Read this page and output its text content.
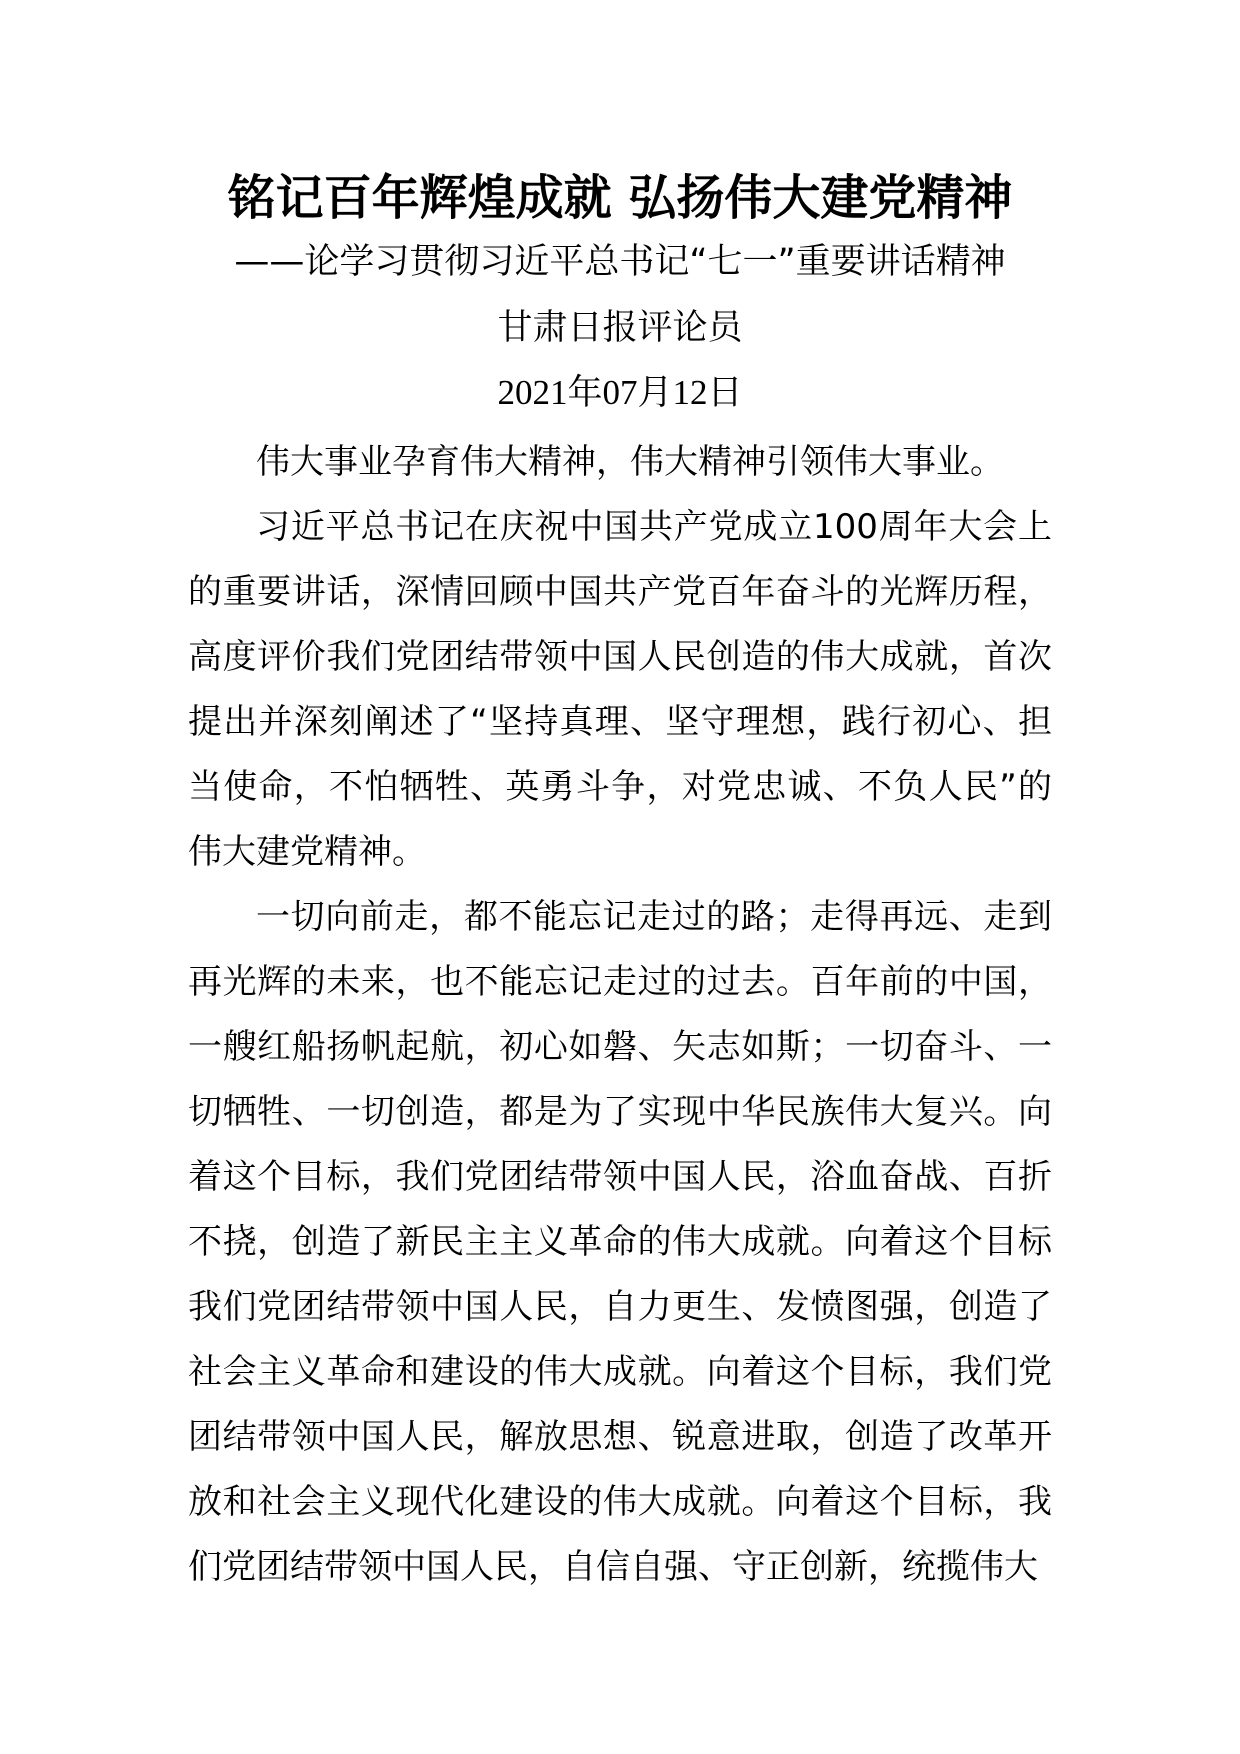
铭记百年辉煌成就 弘扬伟大建党精神
——论学习贯彻习近平总书记“七一”重要讲话精神
甘肃日报评论员
2021年07月12日

伟大事业孕育伟大精神，伟大精神引领伟大事业。

习近平总书记在庆祝中国共产党成立100周年大会上的重要讲话，深情回顾中国共产党百年奋斗的光辉历程，高度评价我们党团结带领中国人民创造的伟大成就，首次提出并深刻阐述了“坚持真理、坚守理想，践行初心、担当使命，不怕牺牲、英勇斗争，对党忠诚、不负人民”的伟大建党精神。

一切向前走，都不能忘记走过的路；走得再远、走到再光辉的未来，也不能忘记走过的过去。百年前的中国，一艘红船扬帆起航，初心如磐、矢志如斯；一切奋斗、一切牺牲、一切创造，都是为了实现中华民族伟大复兴。向着这个目标，我们党团结带领中国人民，浴血奋战、百折不挠，创造了新民主主义革命的伟大成就。向着这个目标我们党团结带领中国人民，自力更生、发愤图强，创造了社会主义革命和建设的伟大成就。向着这个目标，我们党团结带领中国人民，解放思想、锐意进取，创造了改革开放和社会主义现代化建设的伟大成就。向着这个目标，我们党团结带领中国人民，自信自强、守正创新，统揽伟大
